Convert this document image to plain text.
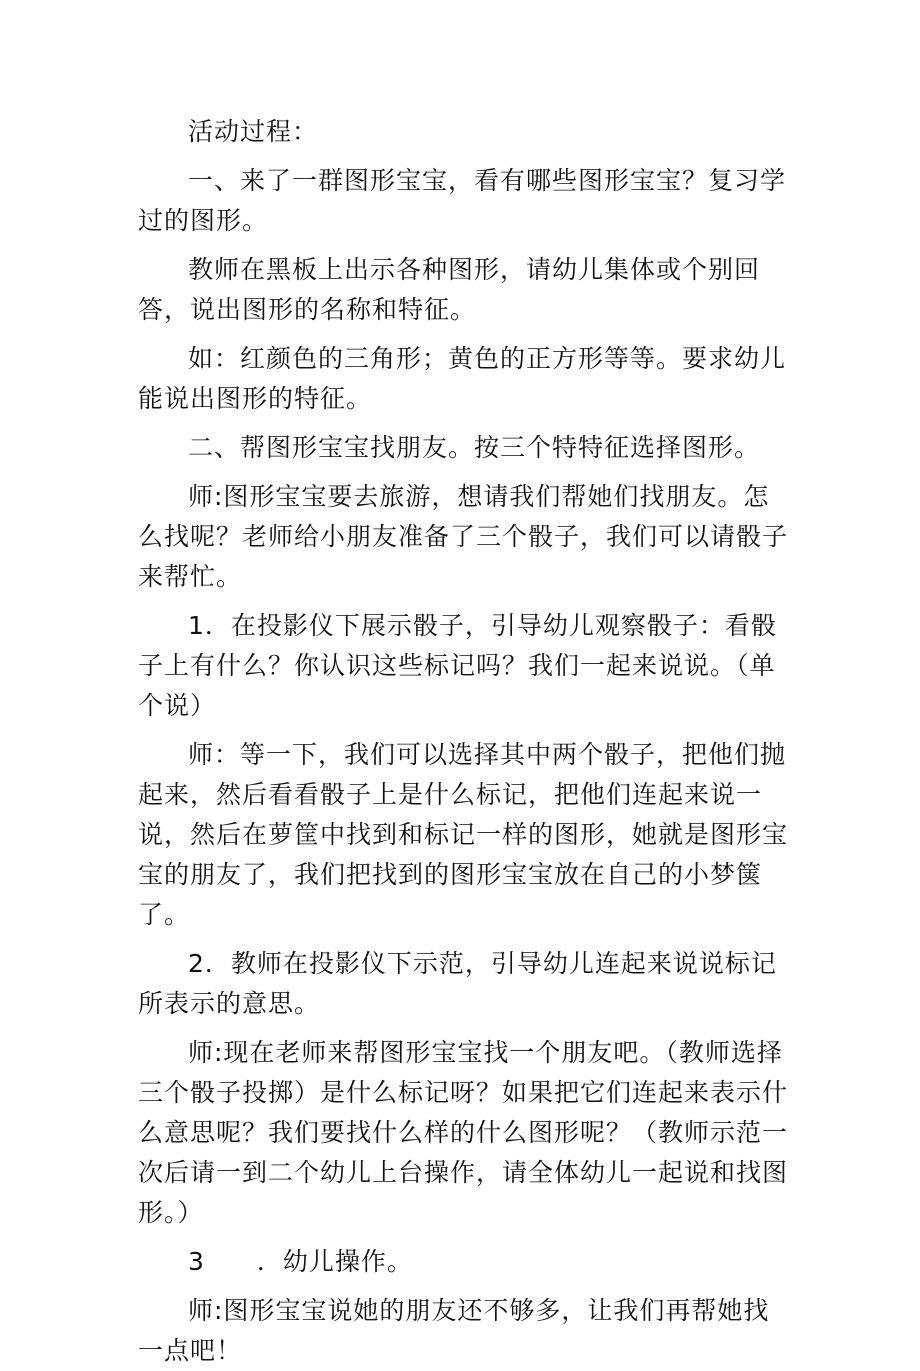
活动过程：

一、来了一群图形宝宝，看有哪些图形宝宝？复习学过的图形。

教师在黑板上出示各种图形，请幼儿集体或个别回答，说出图形的名称和特征。

如：红颜色的三角形；黄色的正方形等等。要求幼儿能说出图形的特征。

二、帮图形宝宝找朋友。按三个特特征选择图形。

师:图形宝宝要去旅游，想请我们帮她们找朋友。怎么找呢？老师给小朋友准备了三个骰子，我们可以请骰子来帮忙。

1．在投影仪下展示骰子，引导幼儿观察骰子：看骰子上有什么？你认识这些标记吗？我们一起来说说。（单个说）

师：等一下，我们可以选择其中两个骰子，把他们抛起来，然后看看骰子上是什么标记，把他们连起来说一说，然后在萝筐中找到和标记一样的图形，她就是图形宝宝的朋友了，我们把找到的图形宝宝放在自己的小梦箧了。

2．教师在投影仪下示范，引导幼儿连起来说说标记所表示的意思。

师:现在老师来帮图形宝宝找一个朋友吧。（教师选择三个骰子投掷）是什么标记呀？如果把它们连起来表示什么意思呢？我们要找什么样的什么图形呢？（教师示范一次后请一到二个幼儿上台操作，请全体幼儿一起说和找图形。）

3　　．幼儿操作。

师:图形宝宝说她的朋友还不够多，让我们再帮她找一点吧！
